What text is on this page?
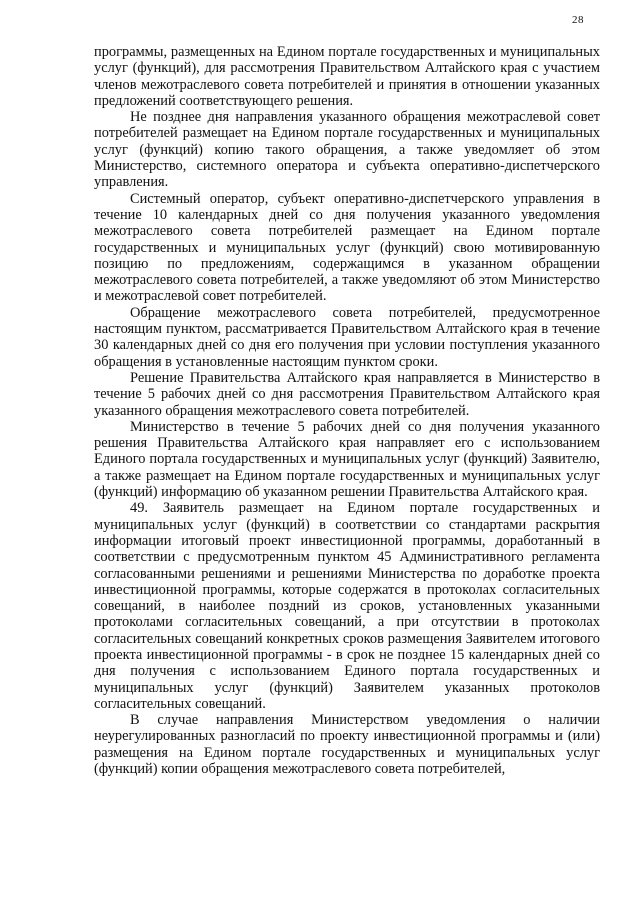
28

программы, размещенных на Едином портале государственных и муниципальных услуг (функций), для рассмотрения Правительством Алтайского края с участием членов межотраслевого совета потребителей и принятия в отношении указанных предложений соответствующего решения.

Не позднее дня направления указанного обращения межотраслевой совет потребителей размещает на Едином портале государственных и муниципальных услуг (функций) копию такого обращения, а также уведомляет об этом Министерство, системного оператора и субъекта оперативно-диспетчерского управления.

Системный оператор, субъект оперативно-диспетчерского управления в течение 10 календарных дней со дня получения указанного уведомления межотраслевого совета потребителей размещает на Едином портале государственных и муниципальных услуг (функций) свою мотивированную позицию по предложениям, содержащимся в указанном обращении межотраслевого совета потребителей, а также уведомляют об этом Министерство и межотраслевой совет потребителей.

Обращение межотраслевого совета потребителей, предусмотренное настоящим пунктом, рассматривается Правительством Алтайского края в течение 30 календарных дней со дня его получения при условии поступления указанного обращения в установленные настоящим пунктом сроки.

Решение Правительства Алтайского края направляется в Министерство в течение 5 рабочих дней со дня рассмотрения Правительством Алтайского края указанного обращения межотраслевого совета потребителей.

Министерство в течение 5 рабочих дней со дня получения указанного решения Правительства Алтайского края направляет его с использованием Единого портала государственных и муниципальных услуг (функций) Заявителю, а также размещает на Едином портале государственных и муниципальных услуг (функций) информацию об указанном решении Правительства Алтайского края.

49. Заявитель размещает на Едином портале государственных и муниципальных услуг (функций) в соответствии со стандартами раскрытия информации итоговый проект инвестиционной программы, доработанный в соответствии с предусмотренным пунктом 45 Административного регламента согласованными решениями и решениями Министерства по доработке проекта инвестиционной программы, которые содержатся в протоколах согласительных совещаний, в наиболее поздний из сроков, установленных указанными протоколами согласительных совещаний, а при отсутствии в протоколах согласительных совещаний конкретных сроков размещения Заявителем итогового проекта инвестиционной программы - в срок не позднее 15 календарных дней со дня получения с использованием Единого портала государственных и муниципальных услуг (функций) Заявителем указанных протоколов согласительных совещаний.

В случае направления Министерством уведомления о наличии неурегулированных разногласий по проекту инвестиционной программы и (или) размещения на Едином портале государственных и муниципальных услуг (функций) копии обращения межотраслевого совета потребителей,
